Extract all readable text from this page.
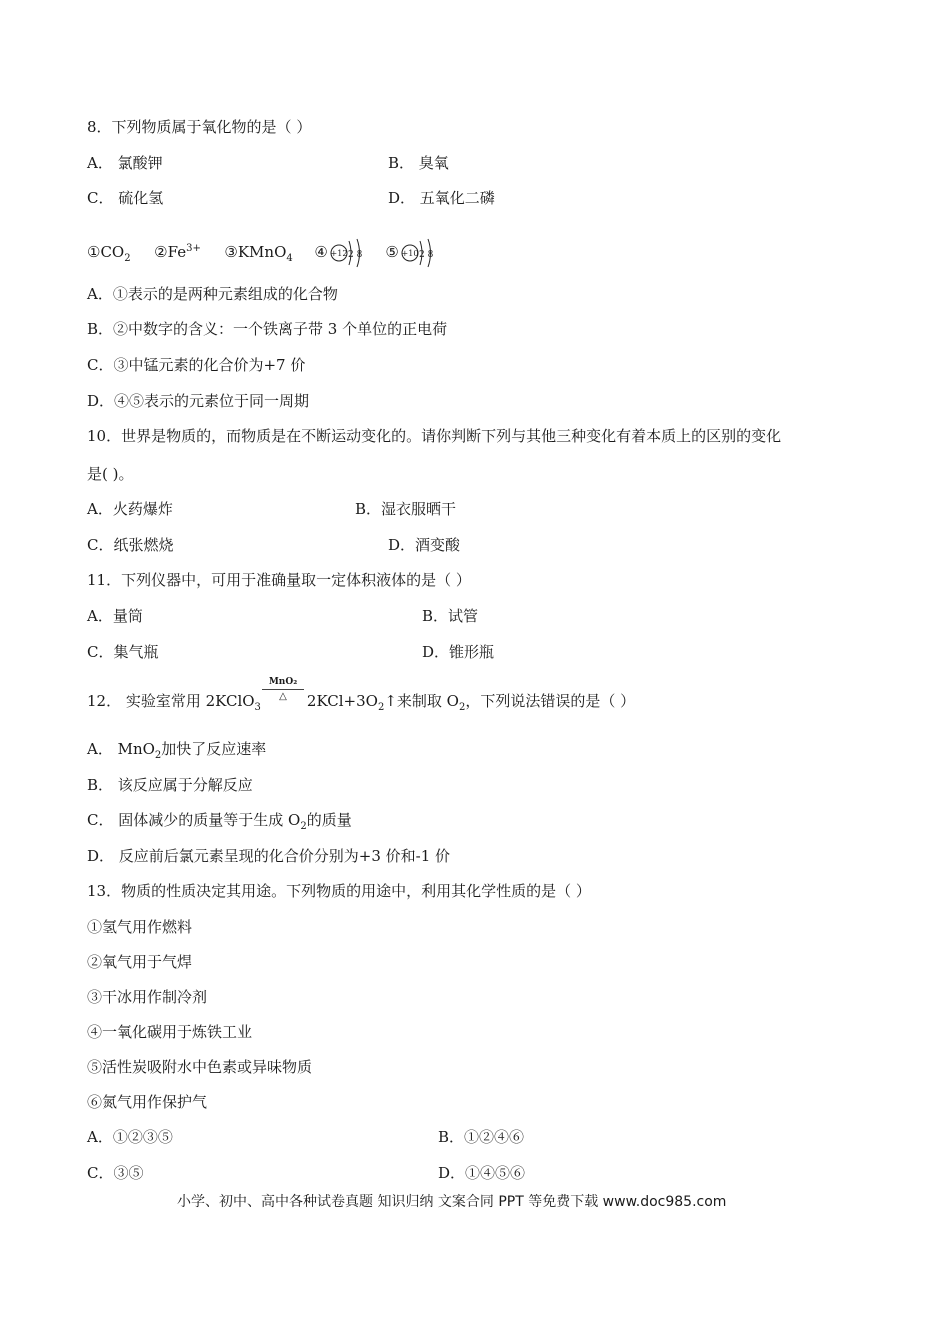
8．下列物质属于氧化物的是（ ）
A． 氯酸钾	B． 臭氧
C． 硫化氢	D． 五氧化二磷
$①CO_2$ $②Fe^{3+}$ ③KMnO$_4$ ④ +12 2 8 ⑤ +10 2 8
A．①表示的是两种元素组成的化合物
B．②中数字的含义：一个铁离子带 3 个单位的正电荷
C．③中锰元素的化合价为+7 价
D．④⑤表示的元素位于同一周期
10．世界是物质的，而物质是在不断运动变化的。请你判断下列与其他三种变化有着本质上的区别的变化
是( )。
A．火药爆炸	B．湿衣服晒干
C．纸张燃烧	D．酒变酸
11．下列仪器中，可用于准确量取一定体积液体的是（ ）
A．量筒	B．试管
C．集气瓶	D．锥形瓶
MnO₂
△
12． 实验室常用 2KClO$_3$	$2KCl+3O_2↑$来制取 $O_2$，下列说法错误的是（ ）
A． MnO$_2$加快了反应速率
B． 该反应属于分解反应
C． 固体减少的质量等于生成 $O_2$的质量
D． 反应前后氯元素呈现的化合价分别为+3 价和-1 价
13．物质的性质决定其用途。下列物质的用途中，利用其化学性质的是（ ）
①氢气用作燃料
②氧气用于气焊
③干冰用作制冷剂
④一氧化碳用于炼铁工业
⑤活性炭吸附水中色素或异味物质
⑥氮气用作保护气
A．①②③⑤	B．①②④⑥
C．③⑤	D．①④⑤⑥
小学、初中、高中各种试卷真题 知识归纳 文案合同 PPT 等免费下载 www.doc985.com
